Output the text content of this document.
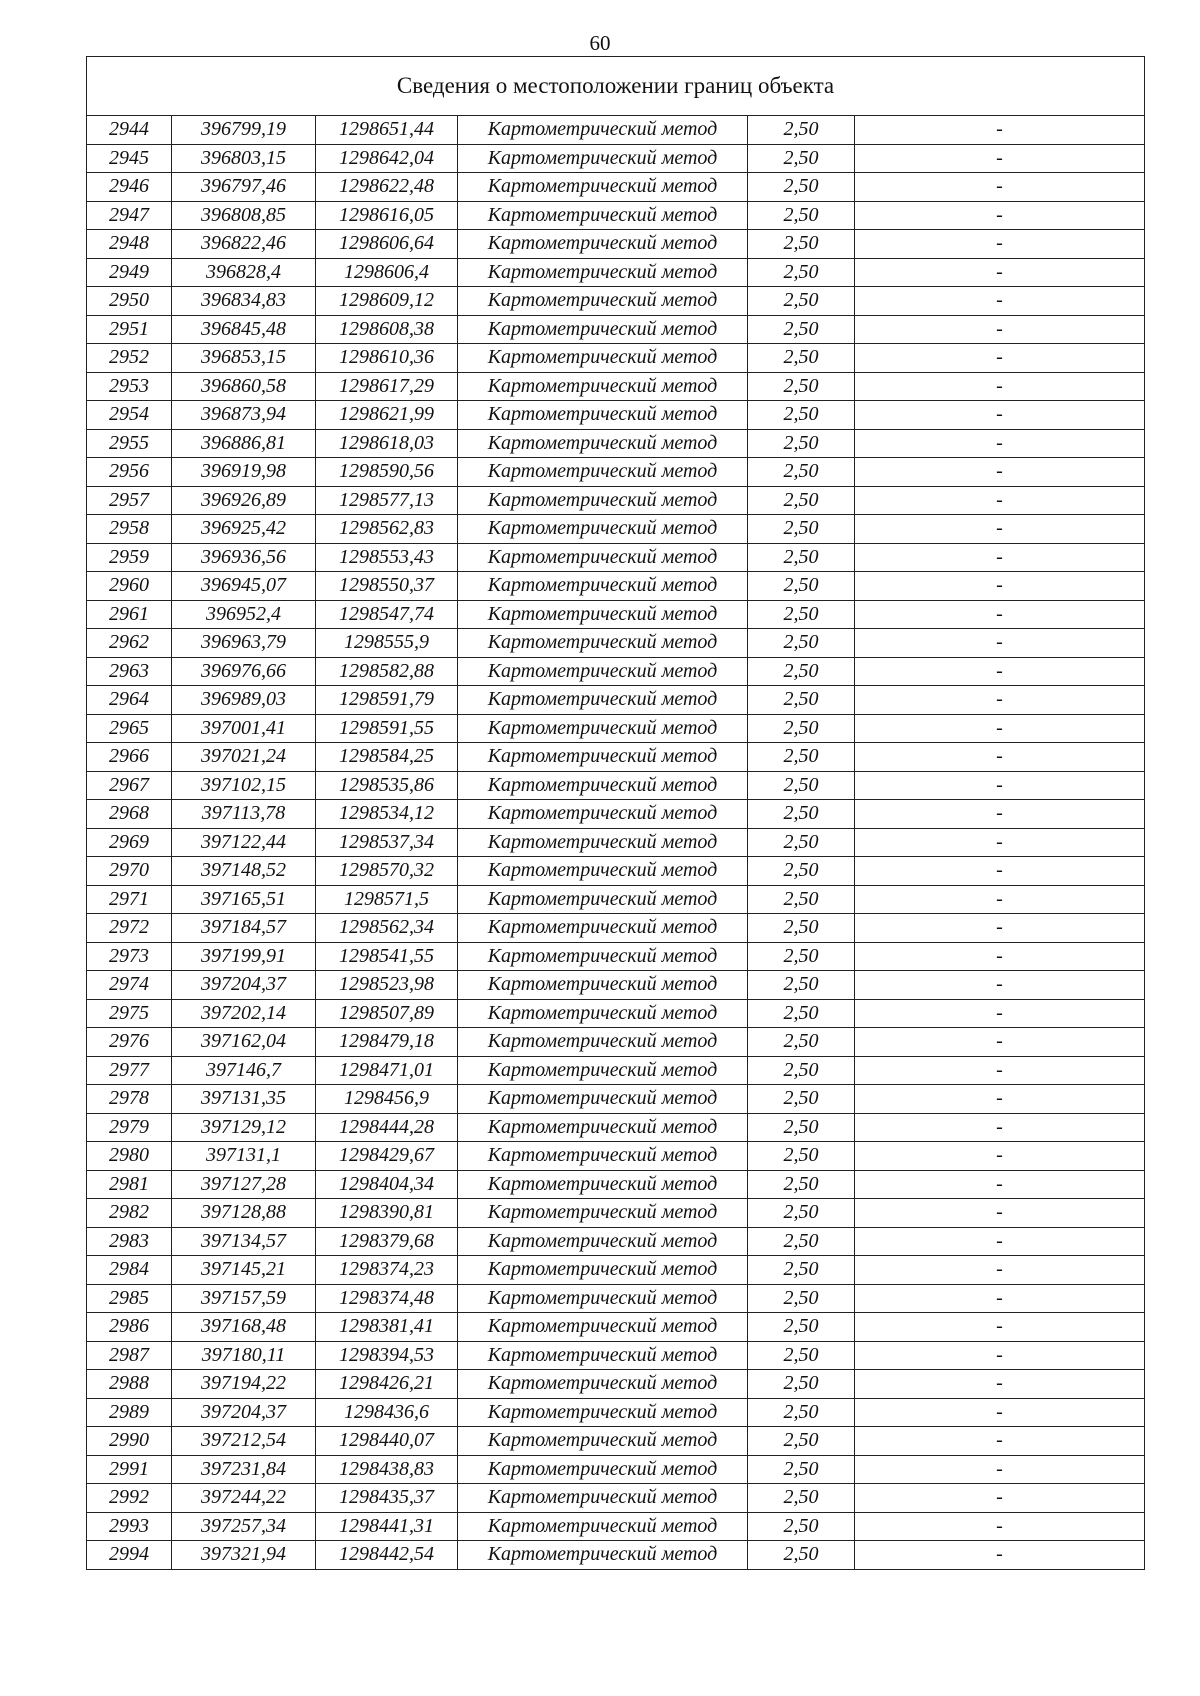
60
Сведения о местоположении границ объекта					
2944	396799,19	1298651,44	Картометрический метод	2,50	-
2945	396803,15	1298642,04	Картометрический метод	2,50	-
2946	396797,46	1298622,48	Картометрический метод	2,50	-
2947	396808,85	1298616,05	Картометрический метод	2,50	-
2948	396822,46	1298606,64	Картометрический метод	2,50	-
2949	396828,4	1298606,4	Картометрический метод	2,50	-
2950	396834,83	1298609,12	Картометрический метод	2,50	-
2951	396845,48	1298608,38	Картометрический метод	2,50	-
2952	396853,15	1298610,36	Картометрический метод	2,50	-
2953	396860,58	1298617,29	Картометрический метод	2,50	-
2954	396873,94	1298621,99	Картометрический метод	2,50	-
2955	396886,81	1298618,03	Картометрический метод	2,50	-
2956	396919,98	1298590,56	Картометрический метод	2,50	-
2957	396926,89	1298577,13	Картометрический метод	2,50	-
2958	396925,42	1298562,83	Картометрический метод	2,50	-
2959	396936,56	1298553,43	Картометрический метод	2,50	-
2960	396945,07	1298550,37	Картометрический метод	2,50	-
2961	396952,4	1298547,74	Картометрический метод	2,50	-
2962	396963,79	1298555,9	Картометрический метод	2,50	-
2963	396976,66	1298582,88	Картометрический метод	2,50	-
2964	396989,03	1298591,79	Картометрический метод	2,50	-
2965	397001,41	1298591,55	Картометрический метод	2,50	-
2966	397021,24	1298584,25	Картометрический метод	2,50	-
2967	397102,15	1298535,86	Картометрический метод	2,50	-
2968	397113,78	1298534,12	Картометрический метод	2,50	-
2969	397122,44	1298537,34	Картометрический метод	2,50	-
2970	397148,52	1298570,32	Картометрический метод	2,50	-
2971	397165,51	1298571,5	Картометрический метод	2,50	-
2972	397184,57	1298562,34	Картометрический метод	2,50	-
2973	397199,91	1298541,55	Картометрический метод	2,50	-
2974	397204,37	1298523,98	Картометрический метод	2,50	-
2975	397202,14	1298507,89	Картометрический метод	2,50	-
2976	397162,04	1298479,18	Картометрический метод	2,50	-
2977	397146,7	1298471,01	Картометрический метод	2,50	-
2978	397131,35	1298456,9	Картометрический метод	2,50	-
2979	397129,12	1298444,28	Картометрический метод	2,50	-
2980	397131,1	1298429,67	Картометрический метод	2,50	-
2981	397127,28	1298404,34	Картометрический метод	2,50	-
2982	397128,88	1298390,81	Картометрический метод	2,50	-
2983	397134,57	1298379,68	Картометрический метод	2,50	-
2984	397145,21	1298374,23	Картометрический метод	2,50	-
2985	397157,59	1298374,48	Картометрический метод	2,50	-
2986	397168,48	1298381,41	Картометрический метод	2,50	-
2987	397180,11	1298394,53	Картометрический метод	2,50	-
2988	397194,22	1298426,21	Картометрический метод	2,50	-
2989	397204,37	1298436,6	Картометрический метод	2,50	-
2990	397212,54	1298440,07	Картометрический метод	2,50	-
2991	397231,84	1298438,83	Картометрический метод	2,50	-
2992	397244,22	1298435,37	Картометрический метод	2,50	-
2993	397257,34	1298441,31	Картометрический метод	2,50	-
2994	397321,94	1298442,54	Картометрический метод	2,50	-
